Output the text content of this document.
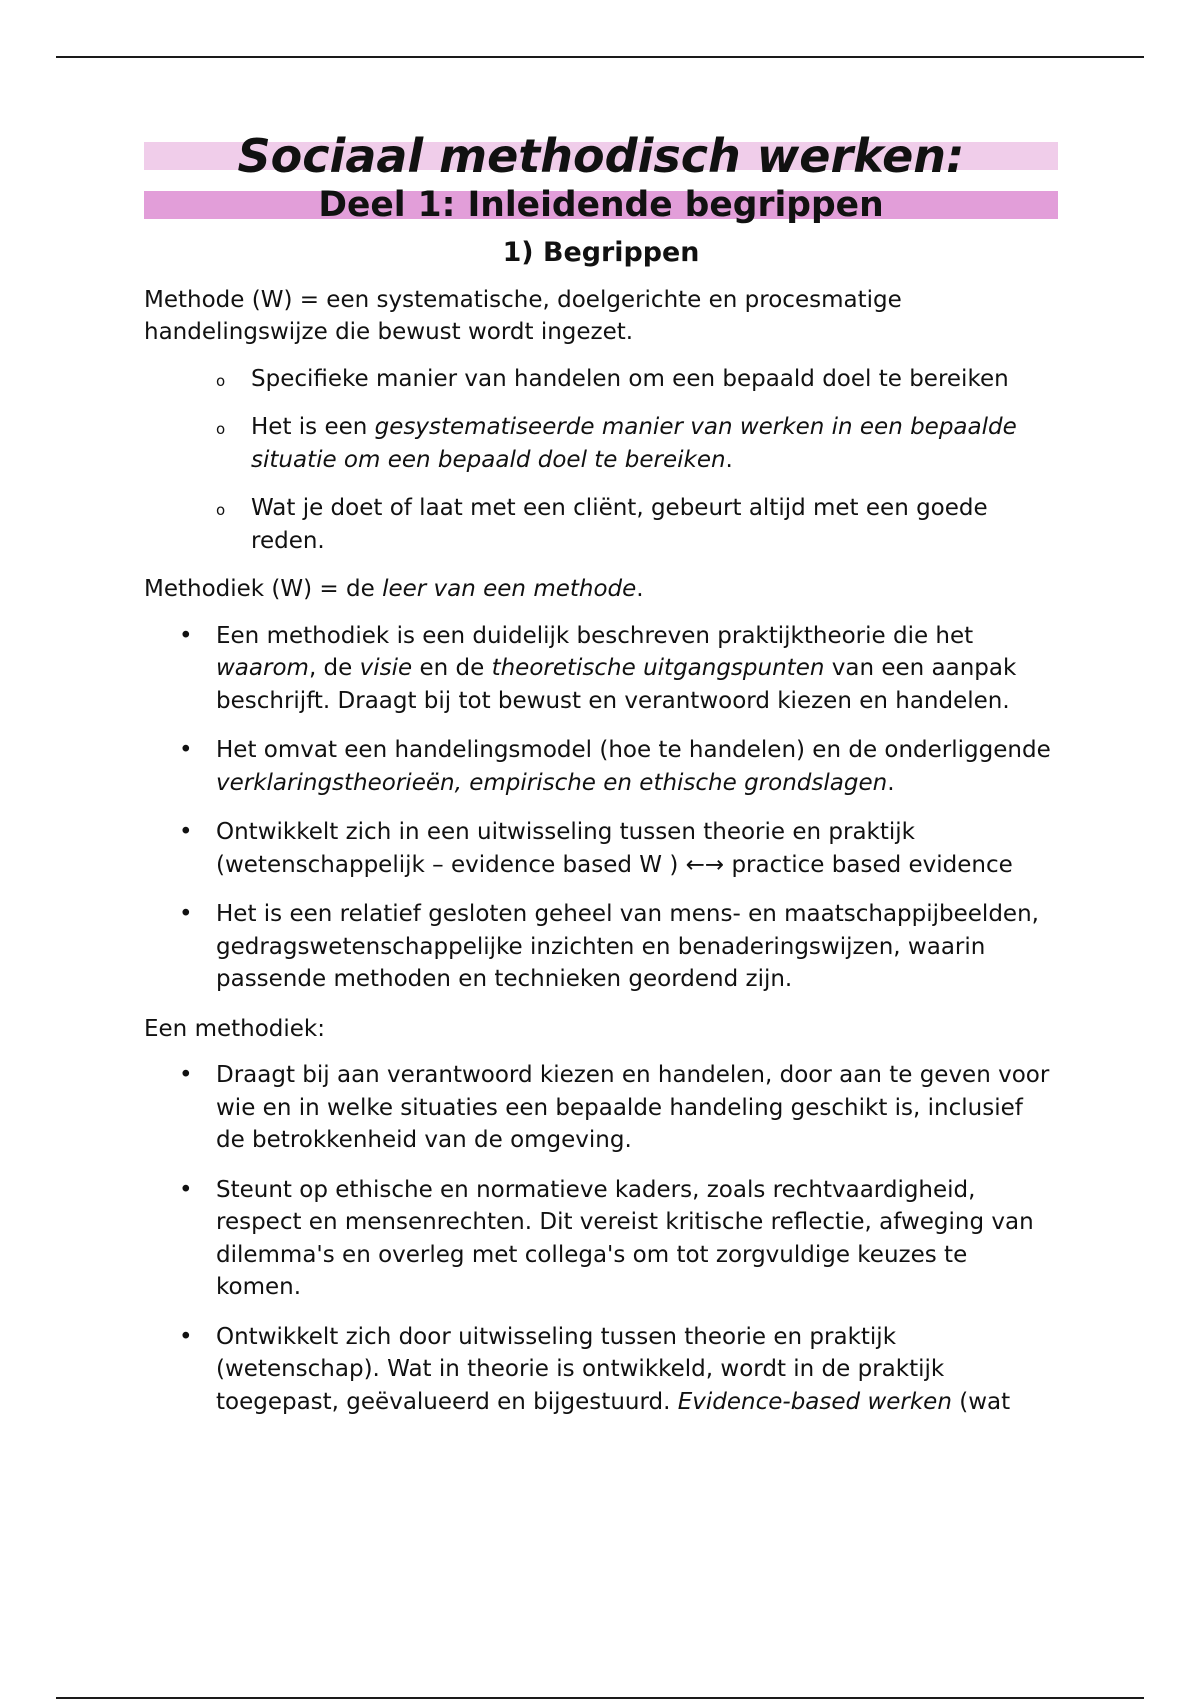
Sociaal methodisch werken:
Deel 1: Inleidende begrippen
1) Begrippen

Methode (W) = een systematische, doelgerichte en procesmatige handelingswijze die bewust wordt ingezet.

o Specifieke manier van handelen om een bepaald doel te bereiken
o Het is een gesystematiseerde manier van werken in een bepaalde situatie om een bepaald doel te bereiken.
o Wat je doet of laat met een cliënt, gebeurt altijd met een goede reden.

Methodiek (W) = de leer van een methode.

• Een methodiek is een duidelijk beschreven praktijktheorie die het waarom, de visie en de theoretische uitgangspunten van een aanpak beschrijft. Draagt bij tot bewust en verantwoord kiezen en handelen.
• Het omvat een handelingsmodel (hoe te handelen) en de onderliggende verklaringstheorieën, empirische en ethische grondslagen.
• Ontwikkelt zich in een uitwisseling tussen theorie en praktijk (wetenschappelijk – evidence based W ) ←→ practice based evidence
• Het is een relatief gesloten geheel van mens- en maatschappijbeelden, gedragswetenschappelijke inzichten en benaderingswijzen, waarin passende methoden en technieken geordend zijn.

Een methodiek:

• Draagt bij aan verantwoord kiezen en handelen, door aan te geven voor wie en in welke situaties een bepaalde handeling geschikt is, inclusief de betrokkenheid van de omgeving.
• Steunt op ethische en normatieve kaders, zoals rechtvaardigheid, respect en mensenrechten. Dit vereist kritische reflectie, afweging van dilemma's en overleg met collega's om tot zorgvuldige keuzes te komen.
• Ontwikkelt zich door uitwisseling tussen theorie en praktijk (wetenschap). Wat in theorie is ontwikkeld, wordt in de praktijk toegepast, geëvalueerd en bijgestuurd. Evidence-based werken (wat
